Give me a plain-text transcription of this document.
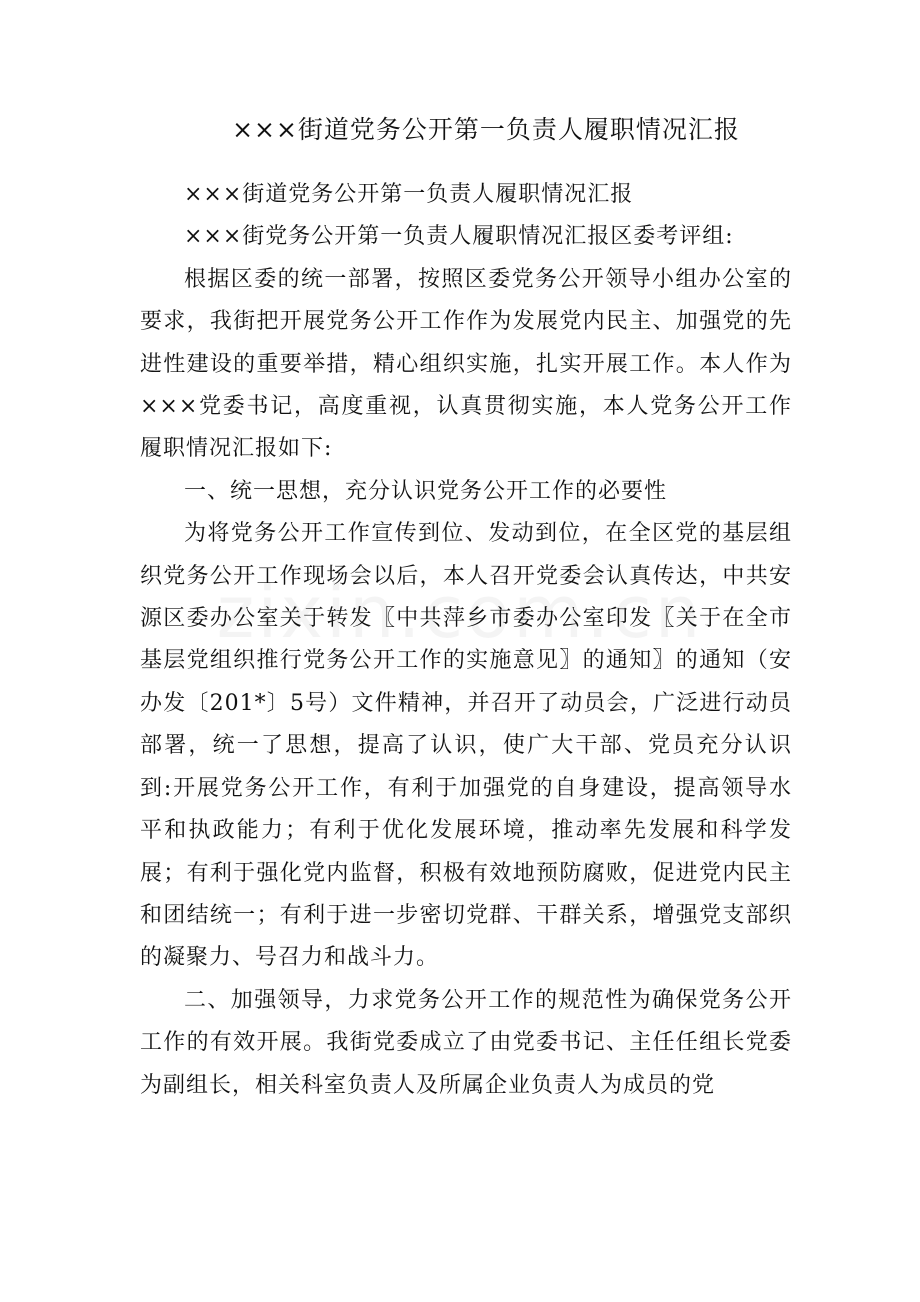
×××街道党务公开第一负责人履职情况汇报

×××街道党务公开第一负责人履职情况汇报

×××街党务公开第一负责人履职情况汇报区委考评组:

根据区委的统一部署，按照区委党务公开领导小组办公室的要求，我街把开展党务公开工作作为发展党内民主、加强党的先进性建设的重要举措，精心组织实施，扎实开展工作。本人作为×××党委书记，高度重视，认真贯彻实施，本人党务公开工作履职情况汇报如下:

一、统一思想，充分认识党务公开工作的必要性

为将党务公开工作宣传到位、发动到位，在全区党的基层组织党务公开工作现场会以后，本人召开党委会认真传达，中共安源区委办公室关于转发〖中共萍乡市委办公室印发〖关于在全市基层党组织推行党务公开工作的实施意见〗的通知〗的通知（安办发〔201*〕5号）文件精神，并召开了动员会，广泛进行动员部署，统一了思想，提高了认识，使广大干部、党员充分认识到:开展党务公开工作，有利于加强党的自身建设，提高领导水平和执政能力；有利于优化发展环境，推动率先发展和科学发展；有利于强化党内监督，积极有效地预防腐败，促进党内民主和团结统一；有利于进一步密切党群、干群关系，增强党支部织的凝聚力、号召力和战斗力。

二、加强领导，力求党务公开工作的规范性为确保党务公开工作的有效开展。我街党委成立了由党委书记、主任任组长党委为副组长，相关科室负责人及所属企业负责人为成员的党
